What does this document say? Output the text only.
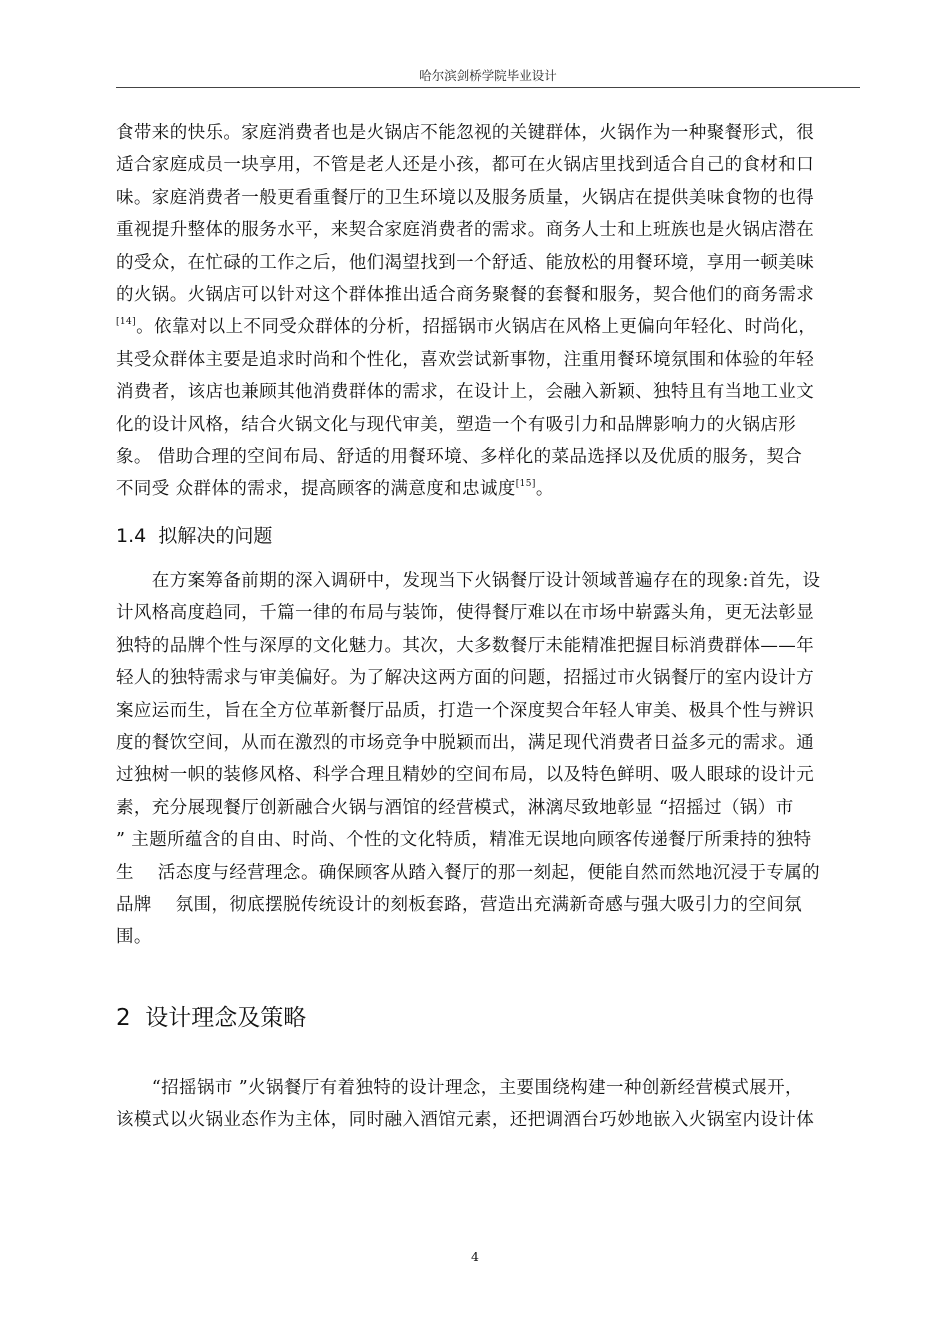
哈尔滨剑桥学院毕业设计
食带来的快乐。家庭消费者也是火锅店不能忽视的关键群体，火锅作为一种聚餐形式，很
适合家庭成员一块享用，不管是老人还是小孩，都可在火锅店里找到适合自己的食材和口
味。家庭消费者一般更看重餐厅的卫生环境以及服务质量，火锅店在提供美味食物的也得
重视提升整体的服务水平，来契合家庭消费者的需求。商务人士和上班族也是火锅店潜在
的受众，在忙碌的工作之后，他们渴望找到一个舒适、能放松的用餐环境，享用一顿美味
的火锅。火锅店可以针对这个群体推出适合商务聚餐的套餐和服务，契合他们的商务需求
[14]。依靠对以上不同受众群体的分析，招摇锅市火锅店在风格上更偏向年轻化、时尚化，
其受众群体主要是追求时尚和个性化，喜欢尝试新事物，注重用餐环境氛围和体验的年轻
消费者，该店也兼顾其他消费群体的需求，在设计上，会融入新颖、独特且有当地工业文
化的设计风格，结合火锅文化与现代审美，塑造一个有吸引力和品牌影响力的火锅店形
象。 借助合理的空间布局、舒适的用餐环境、多样化的菜品选择以及优质的服务，契合
不同受 众群体的需求，提高顾客的满意度和忠诚度[15]。
1.4 拟解决的问题
　　在方案筹备前期的深入调研中，发现当下火锅餐厅设计领域普遍存在的现象:首先，设
计风格高度趋同，千篇一律的布局与装饰，使得餐厅难以在市场中崭露头角，更无法彰显
独特的品牌个性与深厚的文化魅力。其次，大多数餐厅未能精准把握目标消费群体——年
轻人的独特需求与审美偏好。为了解决这两方面的问题，招摇过市火锅餐厅的室内设计方
案应运而生，旨在全方位革新餐厅品质，打造一个深度契合年轻人审美、极具个性与辨识
度的餐饮空间，从而在激烈的市场竞争中脱颖而出，满足现代消费者日益多元的需求。通
过独树一帜的装修风格、科学合理且精妙的空间布局，以及特色鲜明、吸人眼球的设计元
素，充分展现餐厅创新融合火锅与酒馆的经营模式，淋漓尽致地彰显 “招摇过（锅）市
” 主题所蕴含的自由、时尚、个性的文化特质，精准无误地向顾客传递餐厅所秉持的独特
生　 活态度与经营理念。确保顾客从踏入餐厅的那一刻起，便能自然而然地沉浸于专属的
品牌　 氛围，彻底摆脱传统设计的刻板套路，营造出充满新奇感与强大吸引力的空间氛
围。
2 设计理念及策略
　　“招摇锅市 ”火锅餐厅有着独特的设计理念，主要围绕构建一种创新经营模式展开，
该模式以火锅业态作为主体，同时融入酒馆元素，还把调酒台巧妙地嵌入火锅室内设计体
4
